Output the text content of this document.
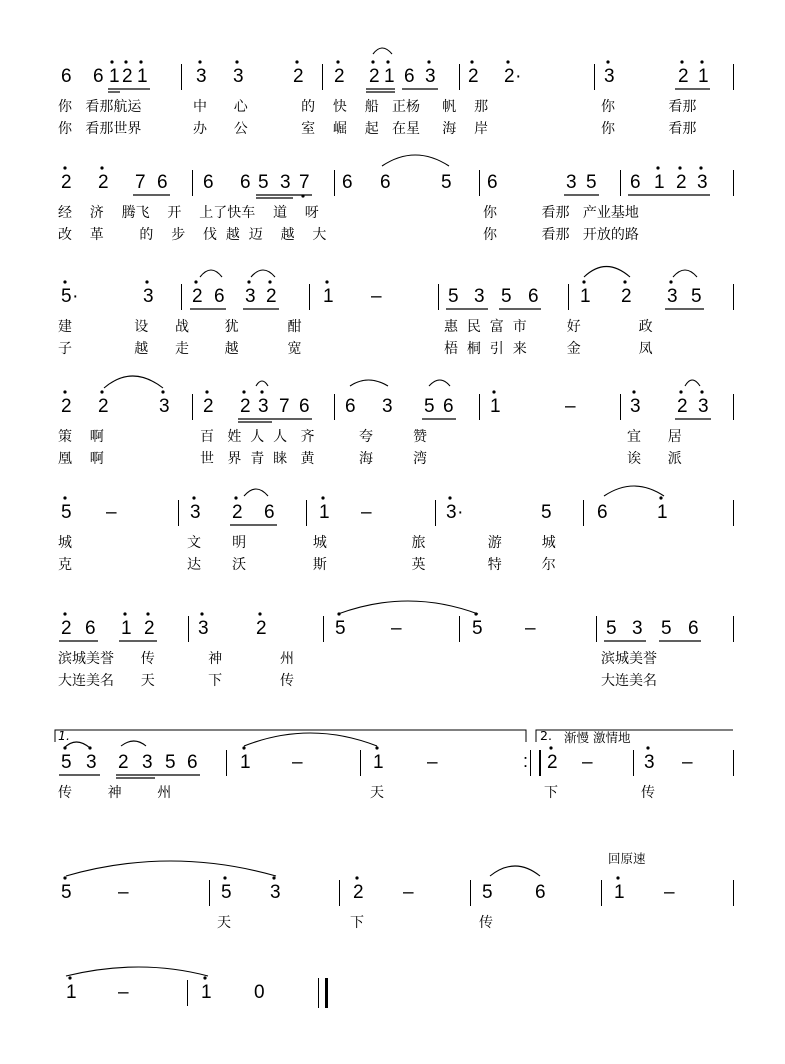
6 6 1 2 1	3 3	2 2 2 1 6 3 2 2·	3	2 1
你   看那航运	中      心            的    快    船   正杨     帆    那	你            看那
你   看那世界	办      公            室    崛    起   在星     海    岸	你            看那
2 2 7 6 6 6 5 3 7 6 6	5 6	3 5 6 1 2 3
经    济    腾飞    开    上了快车    道    呀	你          看那   产业基地
改    革        的    步    伐  越  迈    越    大	你          看那   开放的路
5·	3 2 6 3 2 1 –	5 3 5 6 1 2 3 5
建              设      战        犹           酣	惠  民  富  市         好             政
子              越      走        越           宽	梧  桐  引  来         金             凤
2 2	3 2 2 3 7 6 6 3 5 6 1	–	3 2 3
策    啊	百   姓  人  人   齐          夸         赞	宜      居
凰    啊	世   界  青  睐   黄          海         湾	诶      派
5 –	3 2 6 1 –	3·	5 6	1
城	文       明               城                   旅              游         城
克	达       沃               斯                   英              特         尔
2 6 1 2 3 2	5 –	5 –	5 3 5 6
滨城美誉      传            神             州	滨城美誉
大连美名      天            下             传	大连美名
1.	2. 渐慢 激情地
5 3 2 3 5 6 1 –	1 –	: 2 –	3 –
传        神        州	天	下	传
回原速
5 –	5 3	2 –	5 6	1 –
天	下	传
1 –	1 0
